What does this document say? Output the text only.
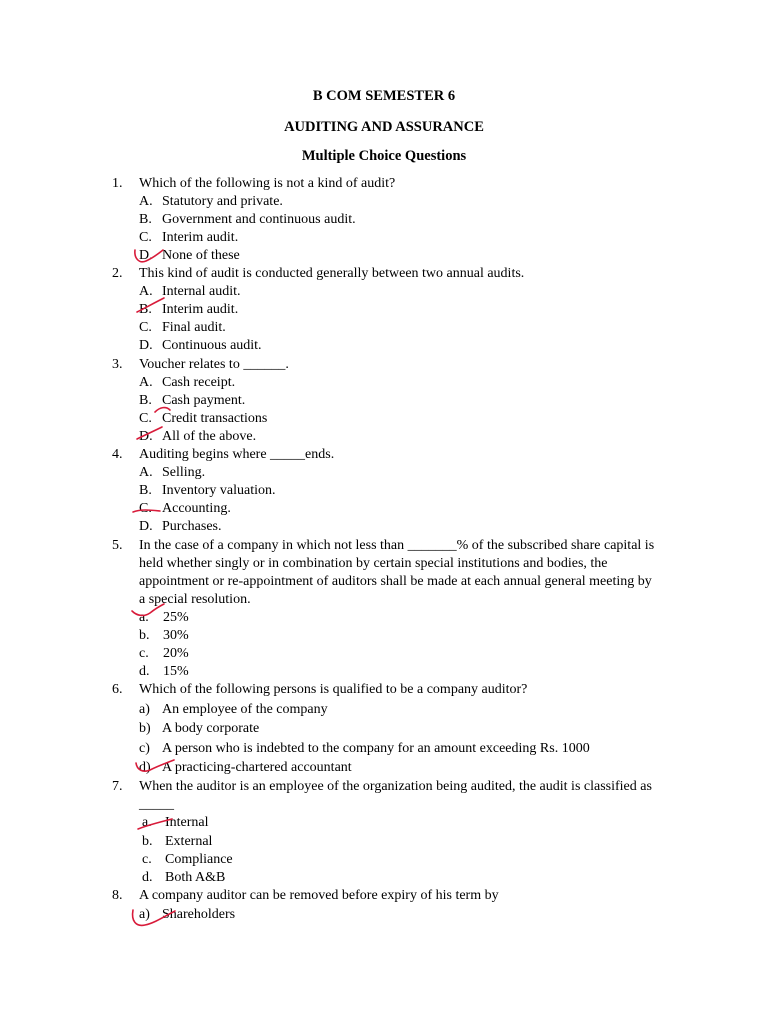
B COM SEMESTER 6
AUDITING AND ASSURANCE
Multiple Choice Questions
1. Which of the following is not a kind of audit?
A. Statutory and private.
B. Government and continuous audit.
C. Interim audit.
D. None of these
2. This kind of audit is conducted generally between two annual audits.
A. Internal audit.
B. Interim audit.
C. Final audit.
D. Continuous audit.
3. Voucher relates to ______.
A. Cash receipt.
B. Cash payment.
C. Credit transactions
D. All of the above.
4. Auditing begins where _____ends.
A. Selling.
B. Inventory valuation.
C. Accounting.
D. Purchases.
5. In the case of a company in which not less than _______% of the subscribed share capital is held whether singly or in combination by certain special institutions and bodies, the appointment or re-appointment of auditors shall be made at each annual general meeting by a special resolution.
a. 25%
b. 30%
c. 20%
d. 15%
6. Which of the following persons is qualified to be a company auditor?
a) An employee of the company
b) A body corporate
c) A person who is indebted to the company for an amount exceeding Rs. 1000
d) A practicing-chartered accountant
7. When the auditor is an employee of the organization being audited, the audit is classified as _____
a. Internal
b. External
c. Compliance
d. Both A&B
8. A company auditor can be removed before expiry of his term by
a) Shareholders
